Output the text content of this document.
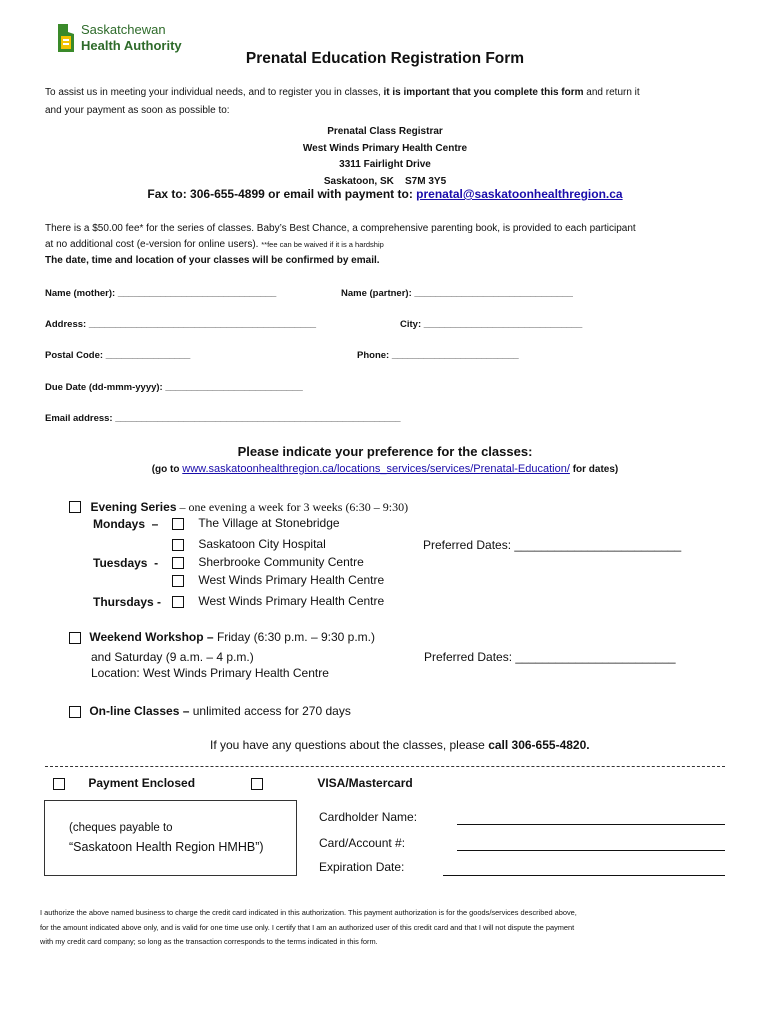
Saskatchewan
Health Authority
Prenatal Education Registration Form
To assist us in meeting your individual needs, and to register you in classes, it is important that you complete this form and return it
and your payment as soon as possible to:
Prenatal Class Registrar
West Winds Primary Health Centre
3311 Fairlight Drive
Saskatoon, SK    S7M 3Y5
Fax to: 306-655-4899 or email with payment to: prenatal@saskatoonhealthregion.ca
There is a $50.00 fee* for the series of classes. Baby’s Best Chance, a comprehensive parenting book, is provided to each participant
at no additional cost (e-version for online users). **fee can be waived if it is a hardship
The date, time and location of your classes will be confirmed by email.
Name (mother): ______________________________	Name (partner): ______________________________
Address: ___________________________________________	City: ______________________________
Postal Code: ________________	Phone: ________________________
Due Date (dd-mmm-yyyy): __________________________
Email address: ______________________________________________________
Please indicate your preference for the classes:
(go to www.saskatoonhealthregion.ca/locations_services/services/Prenatal-Education/ for dates)
Evening Series – one evening a week for 3 weeks (6:30 – 9:30)
Mondays  –	The Village at Stonebridge
Saskatoon City Hospital	Preferred Dates: _________________________
Tuesdays  -	Sherbrooke Community Centre
West Winds Primary Health Centre
Thursdays -	West Winds Primary Health Centre
Weekend Workshop – Friday (6:30 p.m. – 9:30 p.m.)
and Saturday (9 a.m. – 4 p.m.)	Preferred Dates: ________________________
Location: West Winds Primary Health Centre
On-line Classes – unlimited access for 270 days
If you have any questions about the classes, please call 306-655-4820.
Payment Enclosed	VISA/Mastercard
(cheques payable to
“Saskatoon Health Region HMHB”)
Cardholder Name:
Card/Account #:
Expiration Date:
I authorize the above named business to charge the credit card indicated in this authorization. This payment authorization is for the goods/services described above,
for the amount indicated above only, and is valid for one time use only. I certify that I am an authorized user of this credit card and that I will not dispute the payment
with my credit card company; so long as the transaction corresponds to the terms indicated in this form.
